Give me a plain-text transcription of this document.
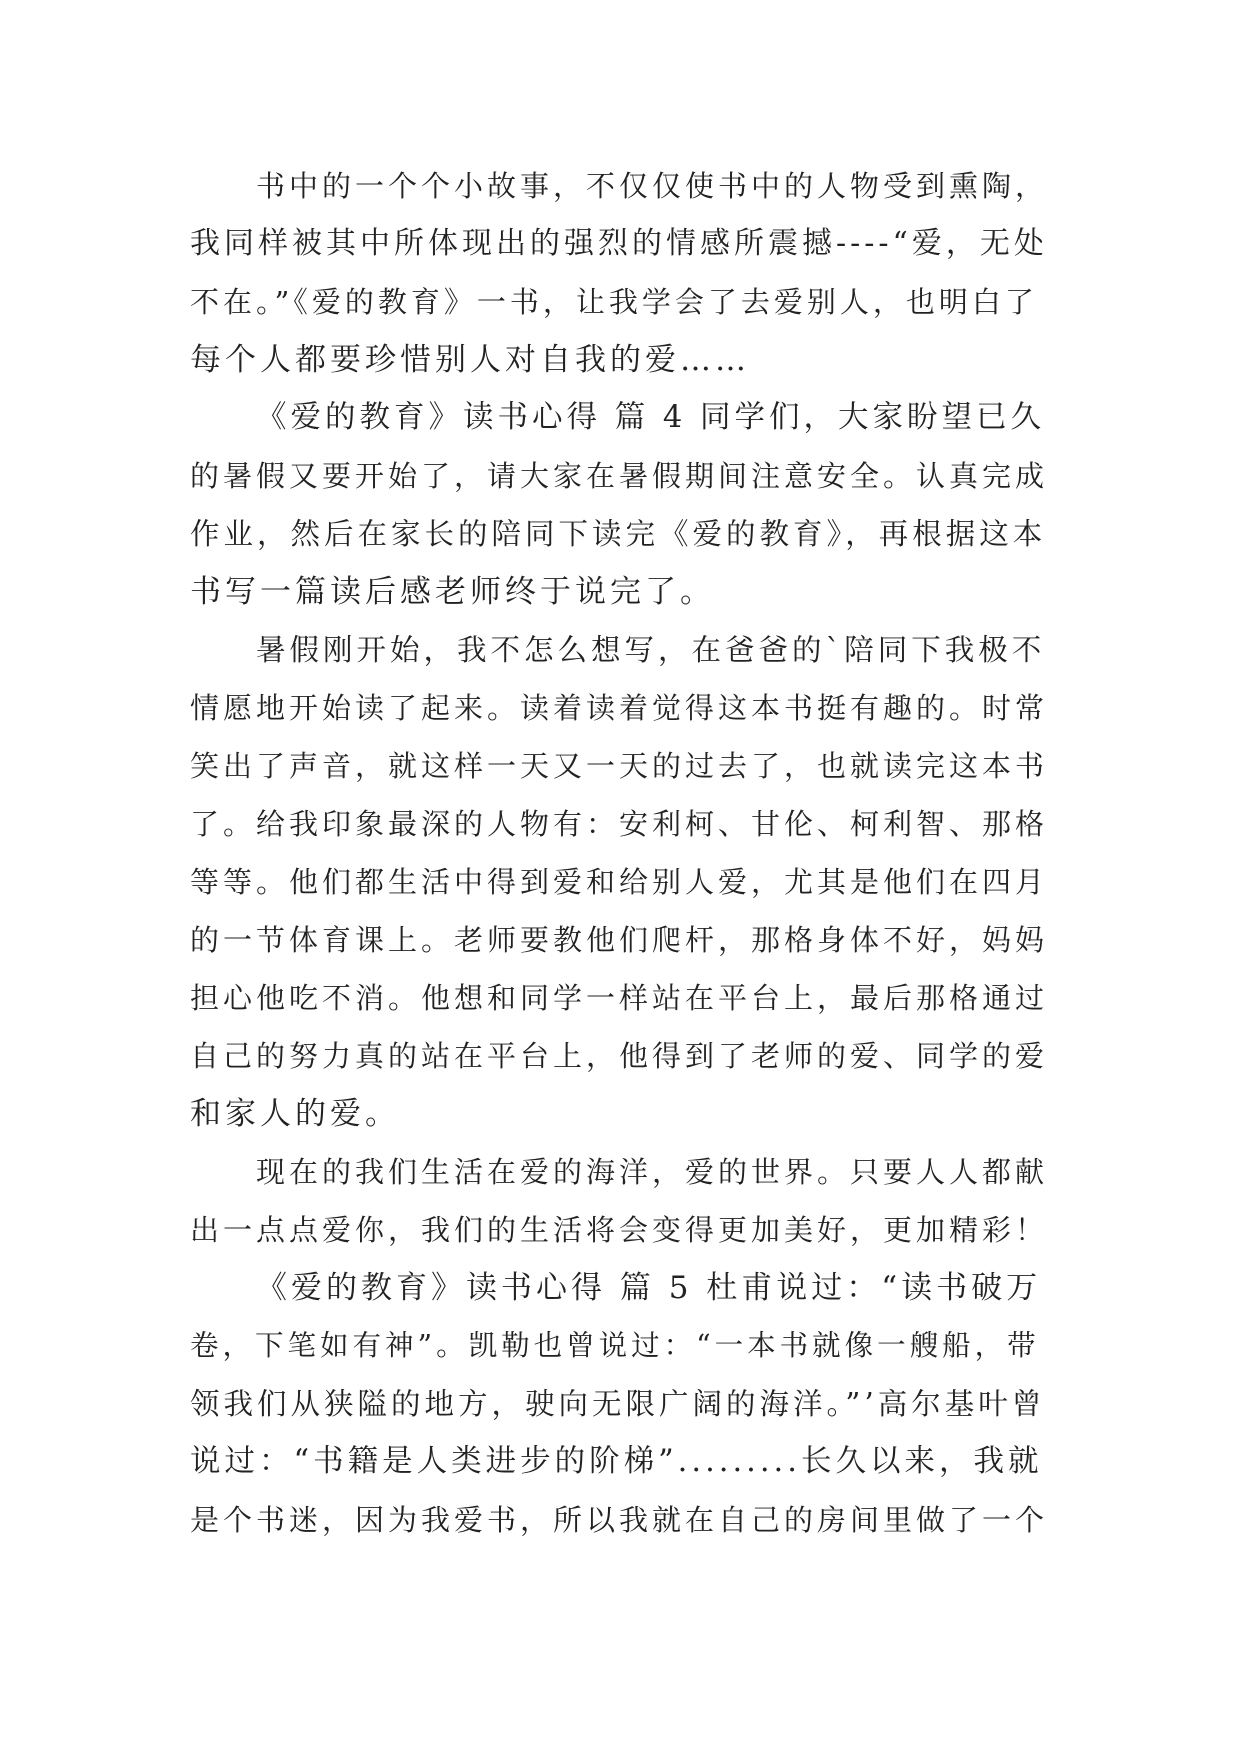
书中的一个个小故事，不仅仅使书中的人物受到熏陶，
我同样被其中所体现出的强烈的情感所震撼----“爱，无处
不在。”《爱的教育》一书，让我学会了去爱别人，也明白了
每个人都要珍惜别人对自我的爱……
《爱的教育》读书心得 篇 4 同学们，大家盼望已久
的暑假又要开始了，请大家在暑假期间注意安全。认真完成
作业，然后在家长的陪同下读完《爱的教育》，再根据这本
书写一篇读后感老师终于说完了。
暑假刚开始，我不怎么想写，在爸爸的`陪同下我极不
情愿地开始读了起来。读着读着觉得这本书挺有趣的。时常
笑出了声音，就这样一天又一天的过去了，也就读完这本书
了。给我印象最深的人物有：安利柯、甘伦、柯利智、那格
等等。他们都生活中得到爱和给别人爱，尤其是他们在四月
的一节体育课上。老师要教他们爬杆，那格身体不好，妈妈
担心他吃不消。他想和同学一样站在平台上，最后那格通过
自己的努力真的站在平台上，他得到了老师的爱、同学的爱
和家人的爱。
现在的我们生活在爱的海洋，爱的世界。只要人人都献
出一点点爱你，我们的生活将会变得更加美好，更加精彩！
《爱的教育》读书心得 篇 5 杜甫说过：“读书破万
卷，下笔如有神”。凯勒也曾说过：“一本书就像一艘船，带
领我们从狭隘的地方，驶向无限广阔的海洋。”’高尔基叶曾
说过：“书籍是人类进步的阶梯”.........长久以来，我就
是个书迷，因为我爱书，所以我就在自己的房间里做了一个
